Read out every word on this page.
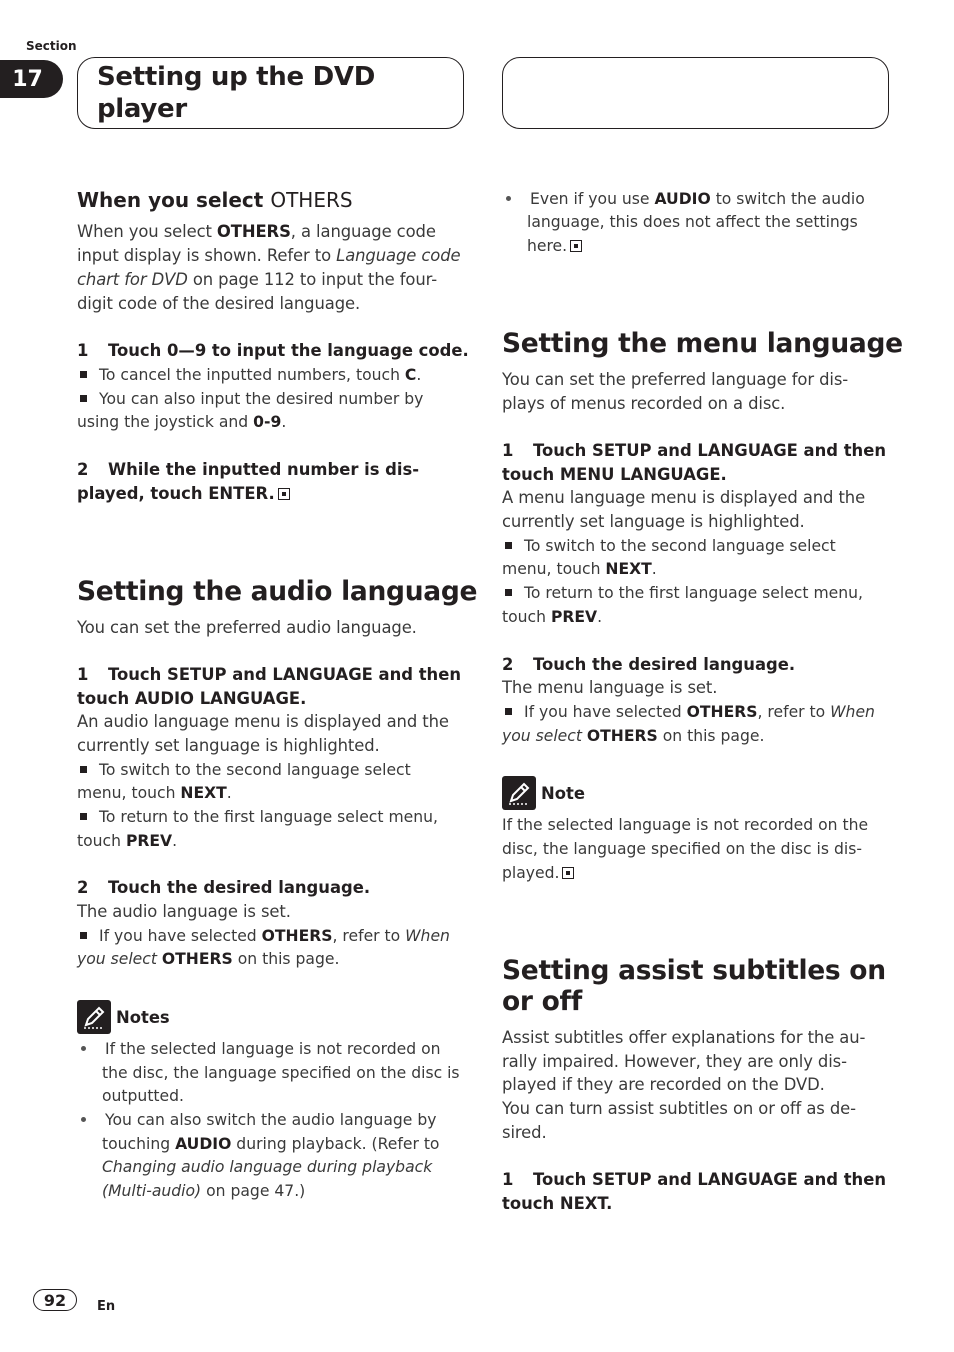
Section
17	Setting up the DVD player
When you select OTHERS
When you select OTHERS, a language code
input display is shown. Refer to Language code
chart for DVD on page 112 to input the four-
digit code of the desired language.
1 Touch 0—9 to input the language code.
To cancel the inputted numbers, touch C.
You can also input the desired number by
using the joystick and 0-9.
2 While the inputted number is dis-
played, touch ENTER.
Setting the audio language
You can set the preferred audio language.
1 Touch SETUP and LANGUAGE and then
touch AUDIO LANGUAGE.
An audio language menu is displayed and the
currently set language is highlighted.
To switch to the second language select
menu, touch NEXT.
To return to the first language select menu,
touch PREV.
2 Touch the desired language.
The audio language is set.
If you have selected OTHERS, refer to When
you select OTHERS on this page.
Notes
If the selected language is not recorded on
the disc, the language specified on the disc is
outputted.
You can also switch the audio language by
touching AUDIO during playback. (Refer to
Changing audio language during playback
(Multi-audio) on page 47.)
Even if you use AUDIO to switch the audio
language, this does not affect the settings
here.
Setting the menu language
You can set the preferred language for dis-
plays of menus recorded on a disc.
1 Touch SETUP and LANGUAGE and then
touch MENU LANGUAGE.
A menu language menu is displayed and the
currently set language is highlighted.
To switch to the second language select
menu, touch NEXT.
To return to the first language select menu,
touch PREV.
2 Touch the desired language.
The menu language is set.
If you have selected OTHERS, refer to When
you select OTHERS on this page.
Note
If the selected language is not recorded on the
disc, the language specified on the disc is dis-
played.
Setting assist subtitles on
or off
Assist subtitles offer explanations for the au-
rally impaired. However, they are only dis-
played if they are recorded on the DVD.
You can turn assist subtitles on or off as de-
sired.
1 Touch SETUP and LANGUAGE and then
touch NEXT.
92	En
